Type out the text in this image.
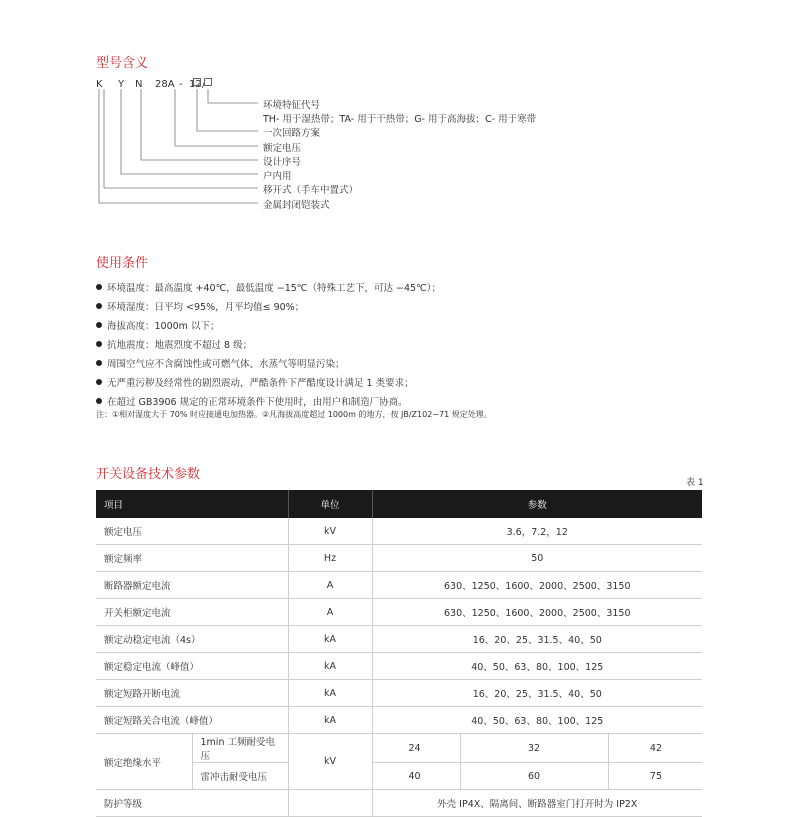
型号含义
K Y N 28A - 12 /
环境特征代号
TH- 用于湿热带；TA- 用于干热带；G- 用于高海拔；C- 用于寒带
一次回路方案
额定电压
设计序号
户内用
移开式（手车中置式）
金属封闭铠装式
使用条件
环境温度：最高温度 +40℃，最低温度 −15℃（特殊工艺下，可达 −45℃）；
环境湿度：日平均 <95%，月平均值≤ 90%；
海拔高度：1000m 以下；
抗地震度：地震烈度不超过 8 级；
周围空气应不含腐蚀性或可燃气体、水蒸气等明显污染；
无严重污秽及经常性的剧烈震动，严酷条件下严酷度设计满足 1 类要求；
在超过 GB3906 规定的正常环境条件下使用时，由用户和制造厂协商。
注：①相对湿度大于 70% 时应接通电加热器。②凡海拔高度超过 1000m 的地方，按 JB/Z102−71 规定处理。
开关设备技术参数
表 1
项目		单位	参数		
额定电压		kV	3.6，7.2，12		
额定频率		Hz	50		
断路器额定电流		A	630、1250、1600、2000、2500、3150		
开关柜额定电流		A	630、1250、1600、2000、2500、3150		
额定动稳定电流（4s）		kA	16、20、25、31.5、40、50		
额定稳定电流（峰值）		kA	40、50、63、80、100、125		
额定短路开断电流		kA	16、20、25、31.5、40、50		
额定短路关合电流（峰值）		kA	40、50、63、80、100、125		
额定绝缘水平	1min 工频耐受电压	kV	24	32	42
	雷冲击耐受电压		40	60	75
防护等级			外壳 IP4X、隔离间、断路器室门打开时为 IP2X		
